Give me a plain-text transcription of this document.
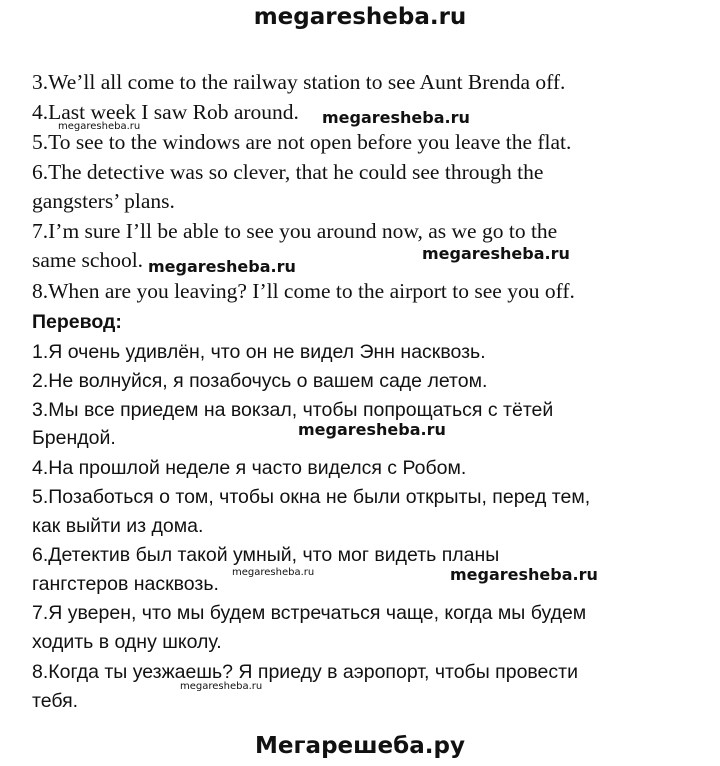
megaresheba.ru
3.We’ll all come to the railway station to see Aunt Brenda off.
4.Last week I saw Rob around.
5.To see to the windows are not open before you leave the flat.
6.The detective was so clever, that he could see through the
gangsters’ plans.
7.I’m sure I’ll be able to see you around now, as we go to the
same school.
8.When are you leaving? I’ll come to the airport to see you off.
Перевод:
1.Я очень удивлён, что он не видел Энн насквозь.
2.Не волнуйся, я позабочусь о вашем саде летом.
3.Мы все приедем на вокзал, чтобы попрощаться с тётей
Брендой.
4.На прошлой неделе я часто виделся с Робом.
5.Позаботься о том, чтобы окна не были открыты, перед тем,
как выйти из дома.
6.Детектив был такой умный, что мог видеть планы
гангстеров насквозь.
7.Я уверен, что мы будем встречаться чаще, когда мы будем
ходить в одну школу.
8.Когда ты уезжаешь? Я приеду в аэропорт, чтобы провести
тебя.
megaresheba.ru
megaresheba.ru
megaresheba.ru
megaresheba.ru
megaresheba.ru
megaresheba.ru	megaresheba.ru
megaresheba.ru
Мегарешеба.ру
